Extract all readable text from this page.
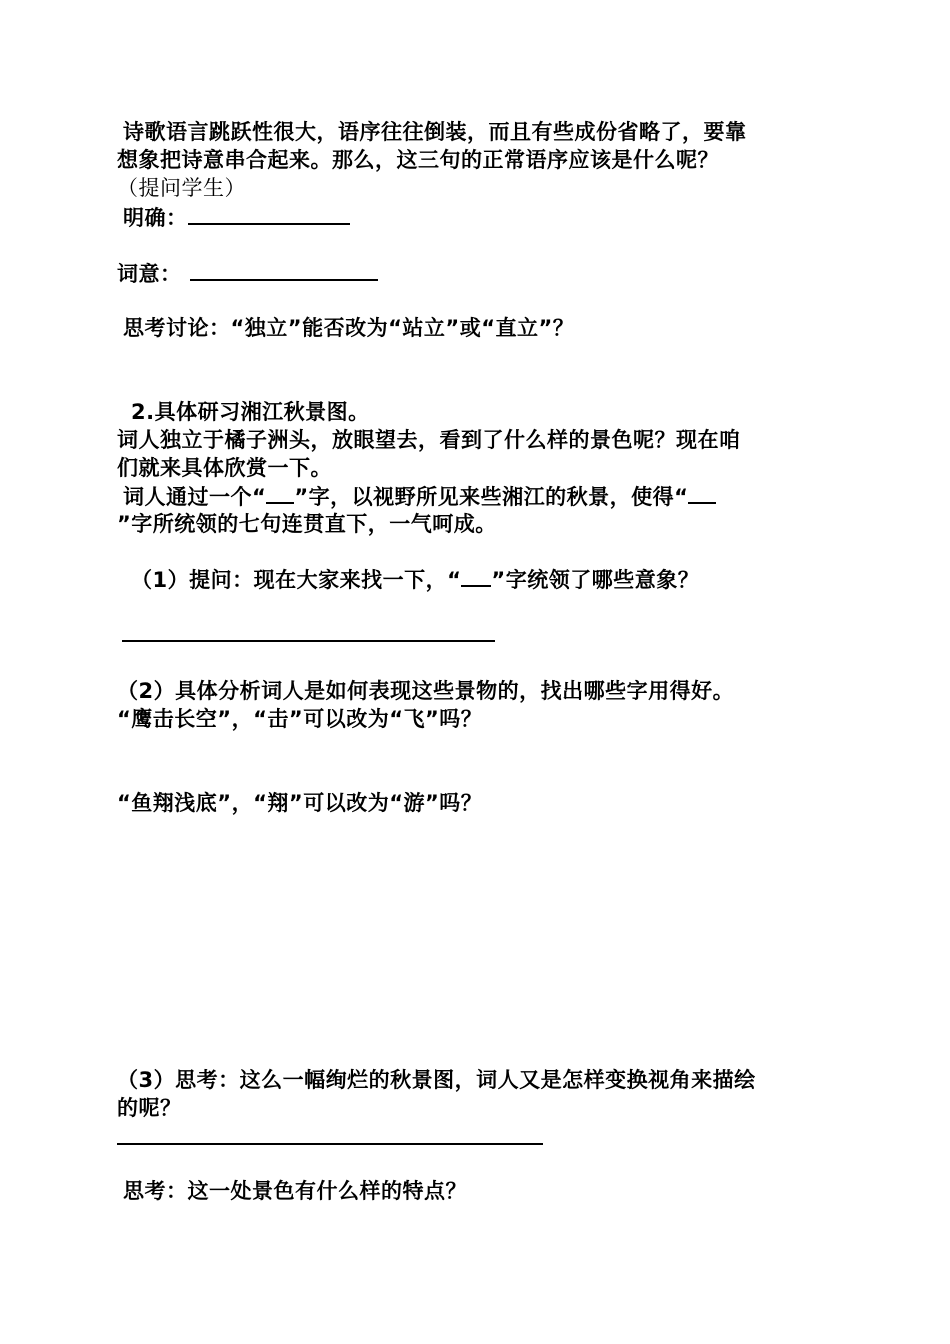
诗歌语言跳跃性很大，语序往往倒装，而且有些成份省略了，要靠

想象把诗意串合起来。那么，这三句的正常语序应该是什么呢？

（提问学生）

明确：

词意：

思考讨论：“独立”能否改为“站立”或“直立”？

2.具体研习湘江秋景图。

词人独立于橘子洲头，放眼望去，看到了什么样的景色呢？现在咱

们就来具体欣赏一下。

词人通过一个“ ”字，以视野所见来些湘江的秋景，使得“

”字所统领的七句连贯直下，一气呵成。

（1）提问：现在大家来找一下，“ ”字统领了哪些意象？

（2）具体分析词人是如何表现这些景物的，找出哪些字用得好。

“鹰击长空”，“击”可以改为“飞”吗？

“鱼翔浅底”，“翔”可以改为“游”吗？

（3）思考：这么一幅绚烂的秋景图，词人又是怎样变换视角来描绘

的呢？

思考：这一处景色有什么样的特点？
